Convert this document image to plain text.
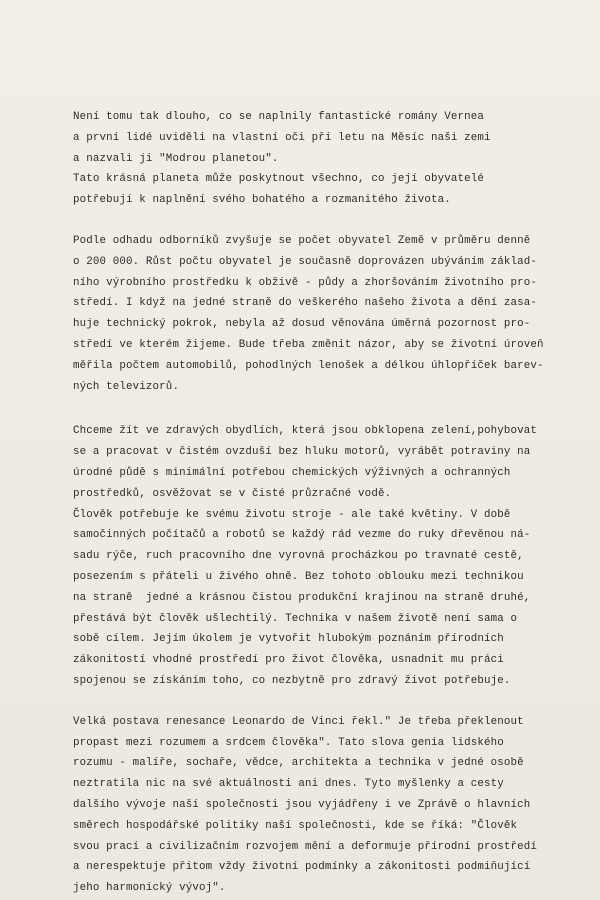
Není tomu tak dlouho, co se naplnily fantastické romány Vernea
a první lidé uviděli na vlastní oči při letu na Měsíc naši zemi
a nazvali ji "Modrou planetou".
Tato krásná planeta může poskytnout všechno, co její obyvatelé
potřebují k naplnění svého bohatého a rozmanitého života.
Podle odhadu odborníků zvyšuje se počet obyvatel Země v průměru denně
o 200 000. Růst počtu obyvatel je současně doprovázen ubýváním základ-
ního výrobního prostředku k obživě - půdy a zhoršováním životního pro-
středí. I když na jedné straně do veškerého našeho života a dění zasa-
huje technický pokrok, nebyla až dosud věnována úměrná pozornost pro-
středí ve kterém žijeme. Bude třeba změnit názor, aby se životní úroveň
měřila počtem automobilů, pohodlných lenošek a délkou úhlopříček barev-
ných televizorů.
Chceme žít ve zdravých obydlích, která jsou obklopena zelení,pohybovat
se a pracovat v čistém ovzduší bez hluku motorů, vyrábět potraviny na
úrodné půdě s minimální potřebou chemických výživných a ochranných
prostředků, osvěžovat se v čisté průzračné vodě.
Člověk potřebuje ke svému životu stroje - ale také květiny. V době
samočinných počítačů a robotů se každý rád vezme do ruky dřevěnou ná-
sadu rýče, ruch pracovního dne vyrovná procházkou po travnaté cestě,
posezením s přáteli u živého ohně. Bez tohoto oblouku mezi technikou
na straně  jedné a krásnou čistou produkční krajinou na straně druhé,
přestává být člověk ušlechtilý. Technika v našem životě není sama o
sobě cílem. Jejím úkolem je vytvořit hlubokým poznáním přírodních
zákonitostí vhodné prostředí pro život člověka, usnadnit mu práci
spojenou se získáním toho, co nezbytně pro zdravý život potřebuje.
Velká postava renesance Leonardo de Vinci řekl." Je třeba překlenout
propast mezi rozumem a srdcem člověka". Tato slova genia lidského
rozumu - malíře, sochaře, vědce, architekta a technika v jedné osobě
neztratila nic na své aktuálnosti ani dnes. Tyto myšlenky a cesty
dalšího vývoje naší společnosti jsou vyjádřeny i ve Zprávě o hlavních
směrech hospodářské politiky naší společnosti, kde se říká: "Člověk
svou prací a civilizačním rozvojem mění a deformuje přírodní prostředí
a nerespektuje přitom vždy životní podmínky a zákonitosti podmiňující
jeho harmonický vývoj".
